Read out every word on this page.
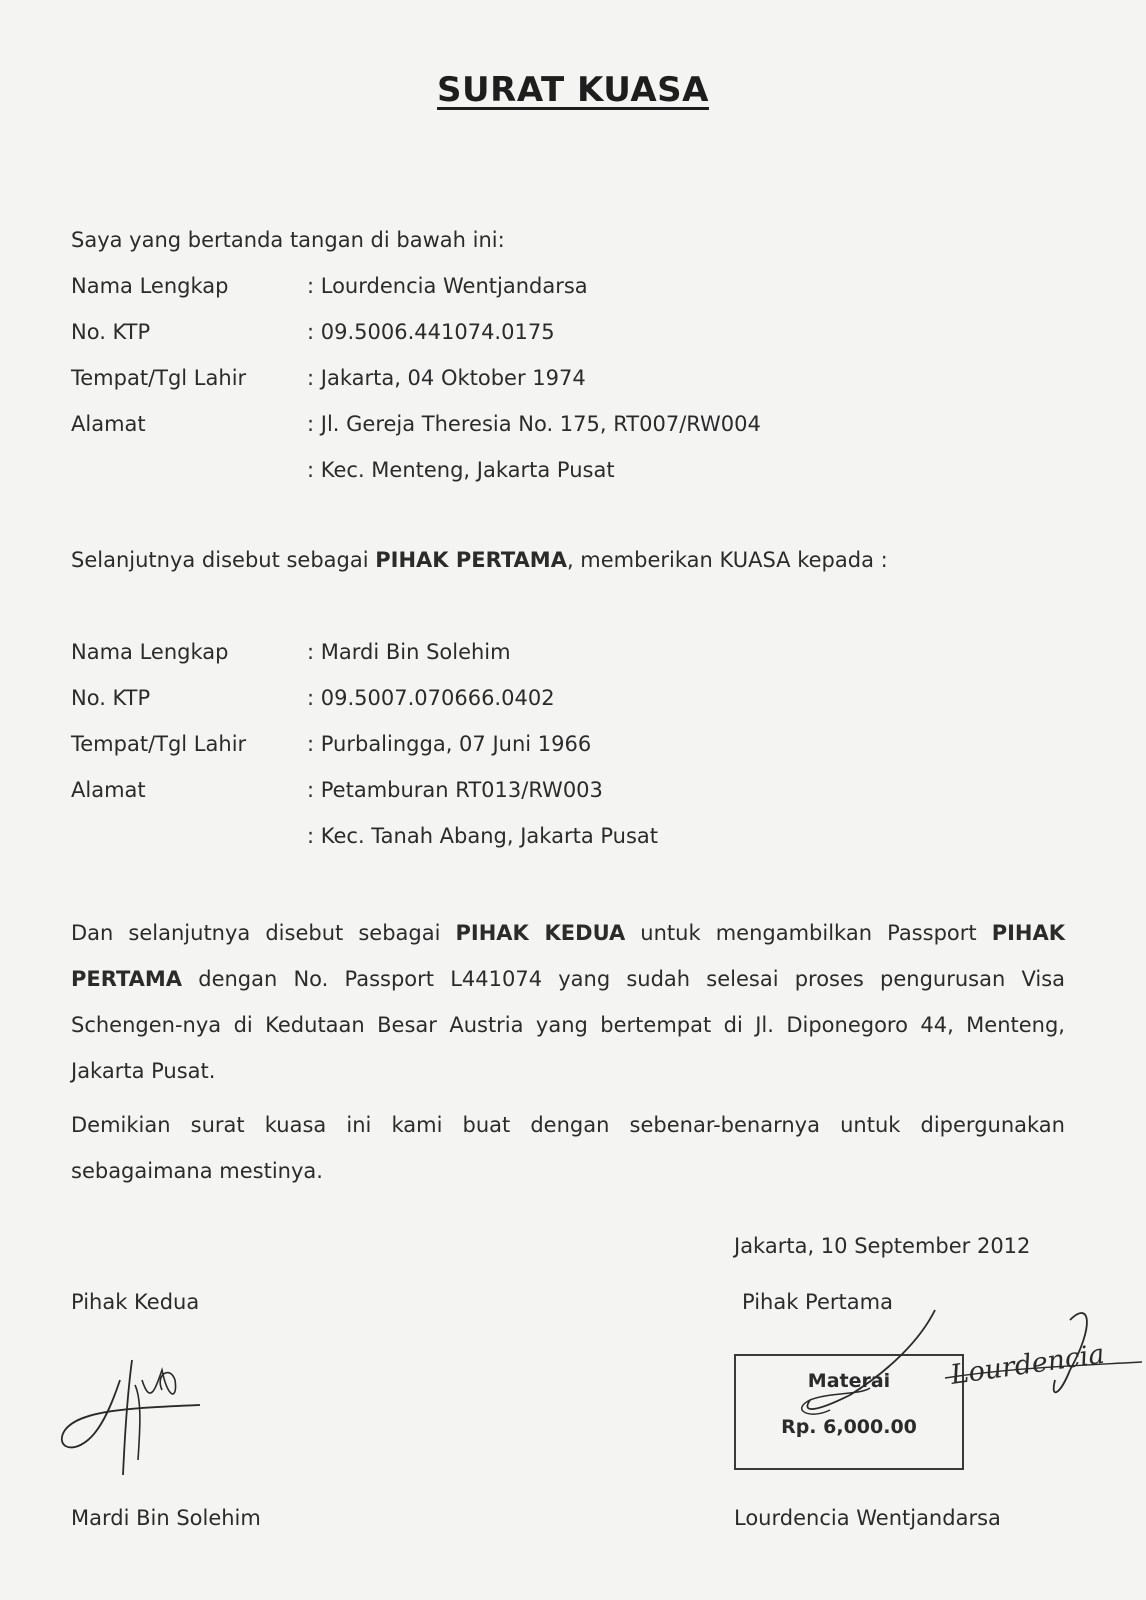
SURAT KUASA
Saya yang bertanda tangan di bawah ini:
Nama Lengkap	: Lourdencia Wentjandarsa
No. KTP	: 09.5006.441074.0175
Tempat/Tgl Lahir	: Jakarta, 04 Oktober 1974
Alamat	: Jl. Gereja Theresia No. 175, RT007/RW004
: Kec. Menteng, Jakarta Pusat
Selanjutnya disebut sebagai PIHAK PERTAMA, memberikan KUASA kepada :
Nama Lengkap	: Mardi Bin Solehim
No. KTP	: 09.5007.070666.0402
Tempat/Tgl Lahir	: Purbalingga, 07 Juni 1966
Alamat	: Petamburan RT013/RW003
: Kec. Tanah Abang, Jakarta Pusat
Dan selanjutnya disebut sebagai PIHAK KEDUA untuk mengambilkan Passport PIHAK PERTAMA dengan No. Passport L441074 yang sudah selesai proses pengurusan Visa Schengen-nya di Kedutaan Besar Austria yang bertempat di Jl. Diponegoro 44, Menteng, Jakarta Pusat.
Demikian surat kuasa ini kami buat dengan sebenar-benarnya untuk dipergunakan sebagaimana mestinya.
Jakarta, 10 September 2012
Pihak Kedua	Pihak Pertama
Materai
Rp. 6,000.00
Lourdencia
Mardi Bin Solehim	Lourdencia Wentjandarsa
